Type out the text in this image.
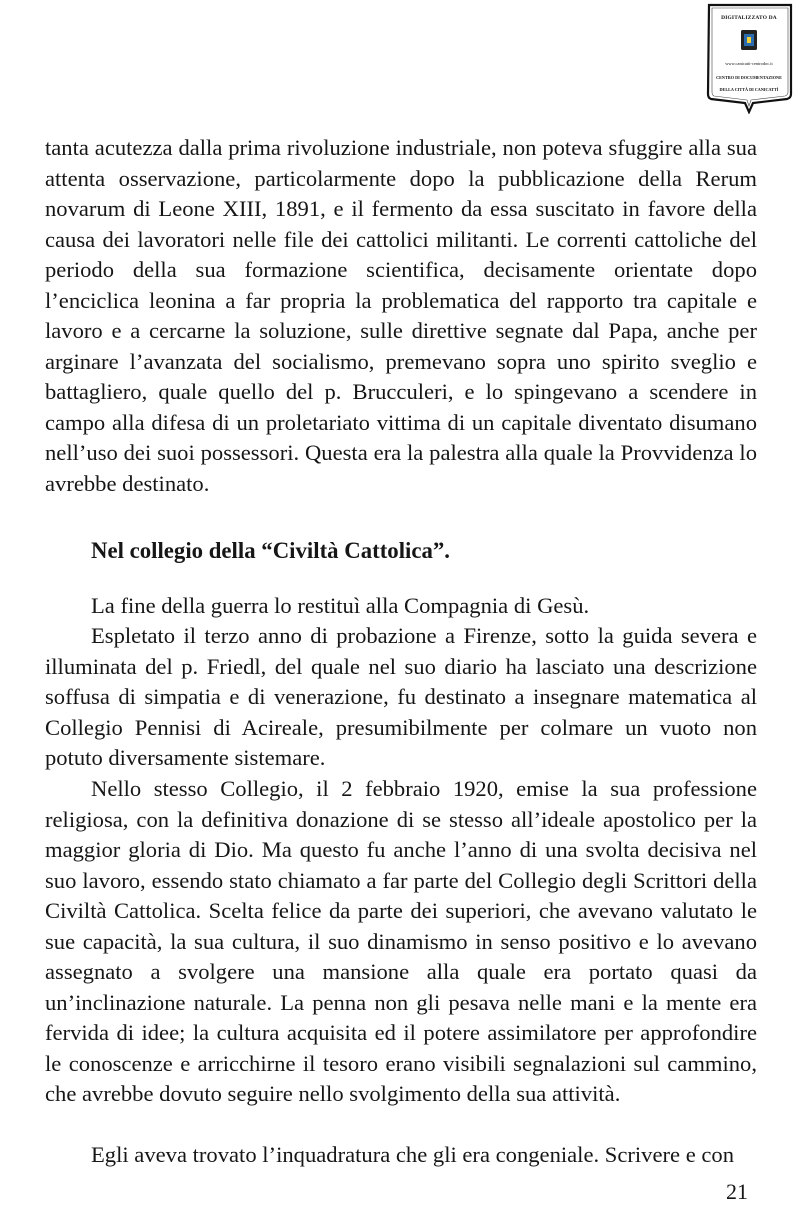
DIGITALIZZATO DA
www.canicatti-centrodoc.it
CENTRO DI DOCUMENTAZIONE
DELLA CITTÀ DI CANICATTÌ

tanta acutezza dalla prima rivoluzione industriale, non poteva sfuggire alla sua attenta osservazione, particolarmente dopo la pubblicazione della Rerum novarum di Leone XIII, 1891, e il fermento da essa suscitato in favore della causa dei lavoratori nelle file dei cattolici militanti. Le correnti cattoliche del periodo della sua formazione scientifica, decisamente orientate dopo l’enciclica leonina a far propria la problematica del rapporto tra capitale e lavoro e a cercarne la soluzione, sulle direttive segnate dal Papa, anche per arginare l’avanzata del socialismo, premevano sopra uno spirito sveglio e battagliero, quale quello del p. Brucculeri, e lo spingevano a scendere in campo alla difesa di un proletariato vittima di un capitale diventato disumano nell’uso dei suoi possessori. Questa era la palestra alla quale la Provvidenza lo avrebbe destinato.

Nel collegio della “Civiltà Cattolica”.

La fine della guerra lo restituì alla Compagnia di Gesù.

Espletato il terzo anno di probazione a Firenze, sotto la guida severa e illuminata del p. Friedl, del quale nel suo diario ha lasciato una descrizione soffusa di simpatia e di venerazione, fu destinato a insegnare matematica al Collegio Pennisi di Acireale, presumibilmente per colmare un vuoto non potuto diversamente sistemare.

Nello stesso Collegio, il 2 febbraio 1920, emise la sua professione religiosa, con la definitiva donazione di se stesso all’ideale apostolico per la maggior gloria di Dio. Ma questo fu anche l’anno di una svolta decisiva nel suo lavoro, essendo stato chiamato a far parte del Collegio degli Scrittori della Civiltà Cattolica. Scelta felice da parte dei superiori, che avevano valutato le sue capacità, la sua cultura, il suo dinamismo in senso positivo e lo avevano assegnato a svolgere una mansione alla quale era portato quasi da un’inclinazione naturale. La penna non gli pesava nelle mani e la mente era fervida di idee; la cultura acquisita ed il potere assimilatore per approfondire le conoscenze e arricchirne il tesoro erano visibili segnalazioni sul cammino, che avrebbe dovuto seguire nello svolgimento della sua attività.

Egli aveva trovato l’inquadratura che gli era congeniale. Scrivere e con

21
